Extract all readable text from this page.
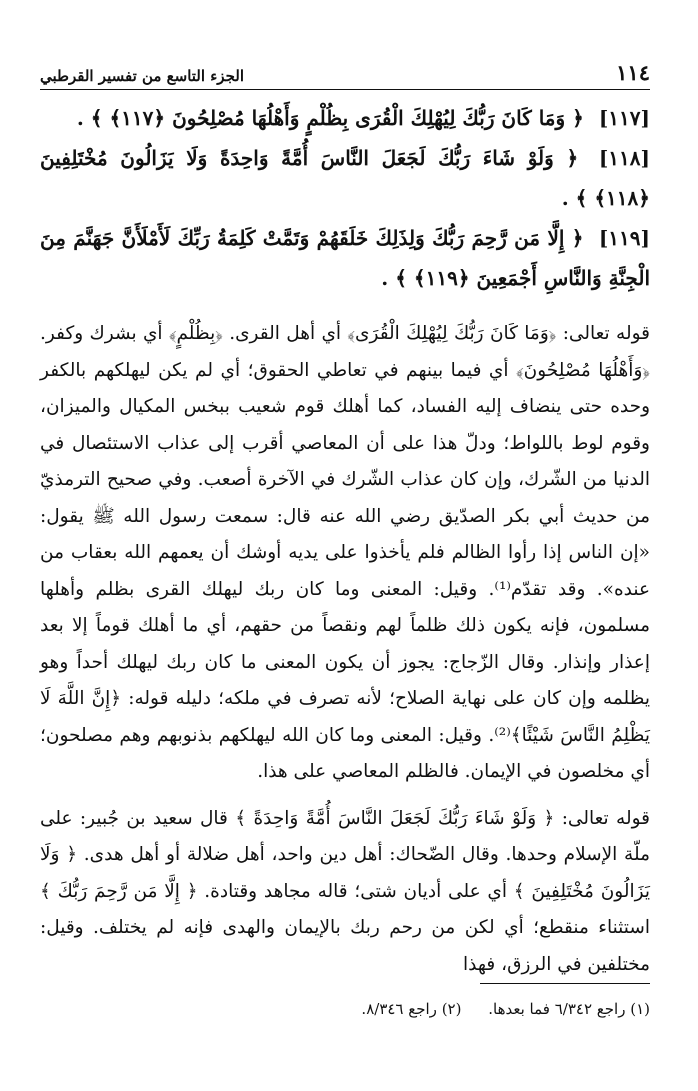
١١٤
الجزء التاسع من تفسير القرطبي
[١١٧] ﴿ وَمَا كَانَ رَبُّكَ لِيُهْلِكَ الْقُرَى بِظُلْمٍ وَأَهْلُهَا مُصْلِحُونَ ﴿١١٧﴾ ﴾ .
[١١٨] ﴿ وَلَوْ شَاءَ رَبُّكَ لَجَعَلَ النَّاسَ أُمَّةً وَاحِدَةً وَلَا يَزَالُونَ مُخْتَلِفِينَ ﴿١١٨﴾ ﴾ .
[١١٩] ﴿ إِلَّا مَن رَّحِمَ رَبُّكَ وَلِذَلِكَ خَلَقَهُمْ وَتَمَّتْ كَلِمَةُ رَبِّكَ لَأَمْلَأَنَّ جَهَنَّمَ مِنَ الْجِنَّةِ وَالنَّاسِ أَجْمَعِينَ ﴿١١٩﴾ ﴾ .

قوله تعالى: ﴿وَمَا كَانَ رَبُّكَ لِيُهْلِكَ الْقُرَى﴾ أي أهل القرى. ﴿بِظُلْمٍ﴾ أي بشرك وكفر. ﴿وَأَهْلُهَا مُصْلِحُونَ﴾ أي فيما بينهم في تعاطي الحقوق؛ أي لم يكن ليهلكهم بالكفر وحده حتى ينضاف إليه الفساد، كما أهلك قوم شعيب ببخس المكيال والميزان، وقوم لوط باللواط؛ ودلّ هذا على أن المعاصي أقرب إلى عذاب الاستئصال في الدنيا من الشّرك، وإن كان عذاب الشّرك في الآخرة أصعب. وفي صحيح الترمذيّ من حديث أبي بكر الصدّيق رضي الله عنه قال: سمعت رسول الله ﷺ يقول: «إن الناس إذا رأوا الظالم فلم يأخذوا على يديه أوشك أن يعمهم الله بعقاب من عنده». وقد تقدّم⁽¹⁾. وقيل: المعنى وما كان ربك ليهلك القرى بظلم وأهلها مسلمون، فإنه يكون ذلك ظلماً لهم ونقصاً من حقهم، أي ما أهلك قوماً إلا بعد إعذار وإنذار. وقال الزّجاج: يجوز أن يكون المعنى ما كان ربك ليهلك أحداً وهو يظلمه وإن كان على نهاية الصلاح؛ لأنه تصرف في ملكه؛ دليله قوله: ﴿إِنَّ اللَّهَ لَا يَظْلِمُ النَّاسَ شَيْئًا﴾⁽²⁾. وقيل: المعنى وما كان الله ليهلكهم بذنوبهم وهم مصلحون؛ أي مخلصون في الإيمان. فالظلم المعاصي على هذا.

قوله تعالى: ﴿ وَلَوْ شَاءَ رَبُّكَ لَجَعَلَ النَّاسَ أُمَّةً وَاحِدَةً ﴾ قال سعيد بن جُبير: على ملّة الإسلام وحدها. وقال الضّحاك: أهل دين واحد، أهل ضلالة أو أهل هدى. ﴿ وَلَا يَزَالُونَ مُخْتَلِفِينَ ﴾ أي على أديان شتى؛ قاله مجاهد وقتادة. ﴿ إِلَّا مَن رَّحِمَ رَبُّكَ ﴾ استثناء منقطع؛ أي لكن من رحم ربك بالإيمان والهدى فإنه لم يختلف. وقيل: مختلفين في الرزق، فهذا

(١) راجع ٦/٣٤٢ فما بعدها. (٢) راجع ٨/٣٤٦.
